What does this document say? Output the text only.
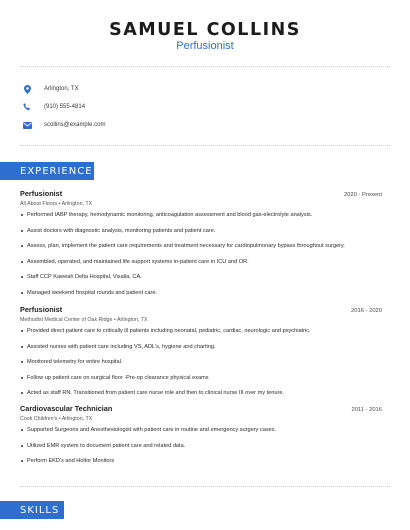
SAMUEL COLLINS
Perfusionist
Arlington, TX
(910) 555-4814
scollins@example.com
EXPERIENCE
Perfusionist	2020 - Present
All About Floors • Arlington, TX
Performed IABP therapy, hemodynamic monitoring, anticoagulation assessment and blood gas-electrolyte analysis.
Assist doctors with diagnostic analysis, monitoring patients and patient care.
Assess, plan, implement the patient care requirements and treatment necessary for cardiopulmonary bypass throughout surgery.
Assembled, operated, and maintained life support systems in-patient care in ICU and OR.
Staff CCP Kaweah Delta Hospital, Visalia, CA.
Managed weekend hospital rounds and patient care.
Perfusionist	2016 - 2020
Methodist Medical Center of Oak Ridge • Arlington, TX
Provided direct patient care to critically ill patients including neonatal, pediatric, cardiac, neurologic and psychiatric.
Assisted nurses with patient care including VS, ADL's, hygiene and charting.
Monitored telemetry for entire hospital.
Follow up patient care on surgical floor -Pre-op clearance physical exams
Acted as staff RN. Transitioned from patient care nurse role and then to clinical nurse III over my tenure.
Cardiovascular Technician	2011 - 2016
Cook Children's • Arlington, TX
Supported Surgeons and Anesthesiologist with patient care in routine and emergency surgery cases.
Utilized EMR system to document patient care and related data.
Perform EKD's and Holtor Monitors
SKILLS
